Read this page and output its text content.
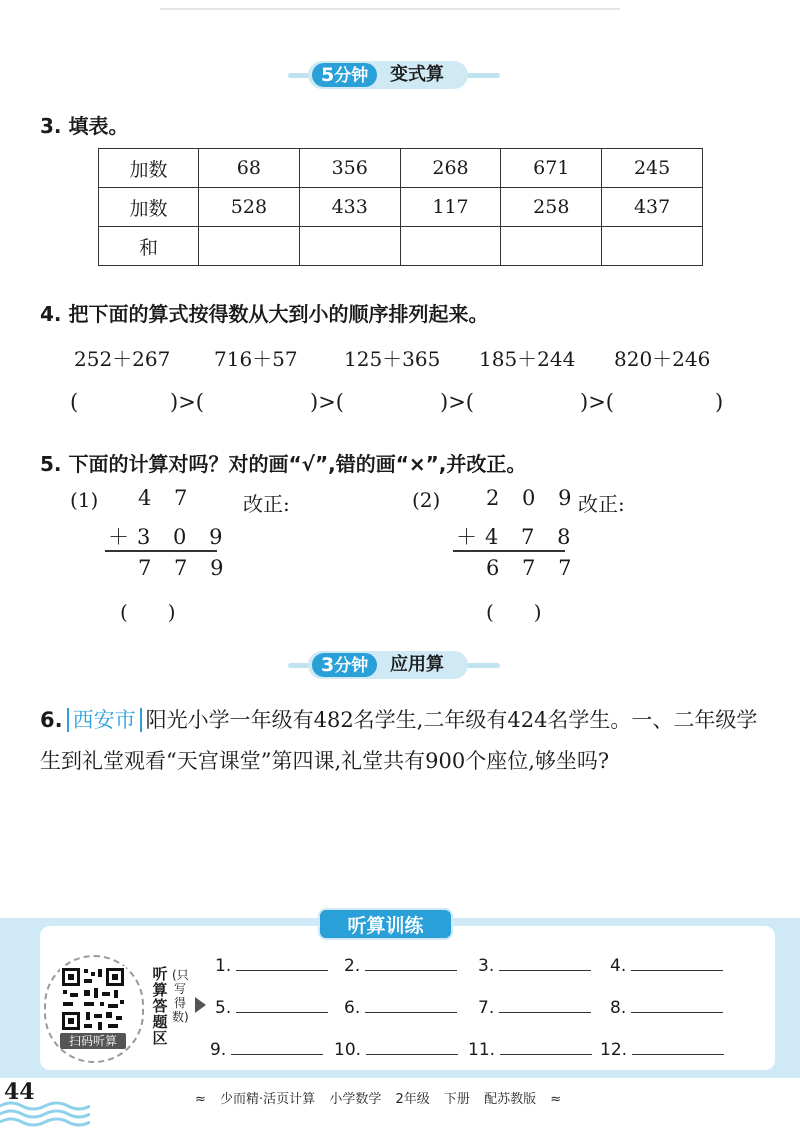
5分钟	变式算
3. 填表。
加数	68	356	268	671	245
加数	528	433	117	258	437
和					
4. 把下面的算式按得数从大到小的顺序排列起来。
252＋267 716＋57 125＋365 185＋244 820＋246
(	)>(	)>(	)>(	)>(	)
5. 下面的计算对吗？对的画“√”,错的画“×”,并改正。
(1) 4 7 改正:
＋3 0 9
7 7 9
(　　)
(2) 2 0 9
改正:
＋4 7 8
6 7 7
(　　)
3分钟	应用算
6. 西安市 阳光小学一年级有482名学生,二年级有424名学生。一、二年级学生到礼堂观看“天宫课堂”第四课,礼堂共有900个座位,够坐吗?
听算训练
扫码听算
听算答题区
(只写得数)
1.	2.	3.	4.
5.	6.	7.	8.
9.	10.	11.	12.
44	≈ 少而精·活页计算 小学数学 2年级 下册 配苏教版 ≈
